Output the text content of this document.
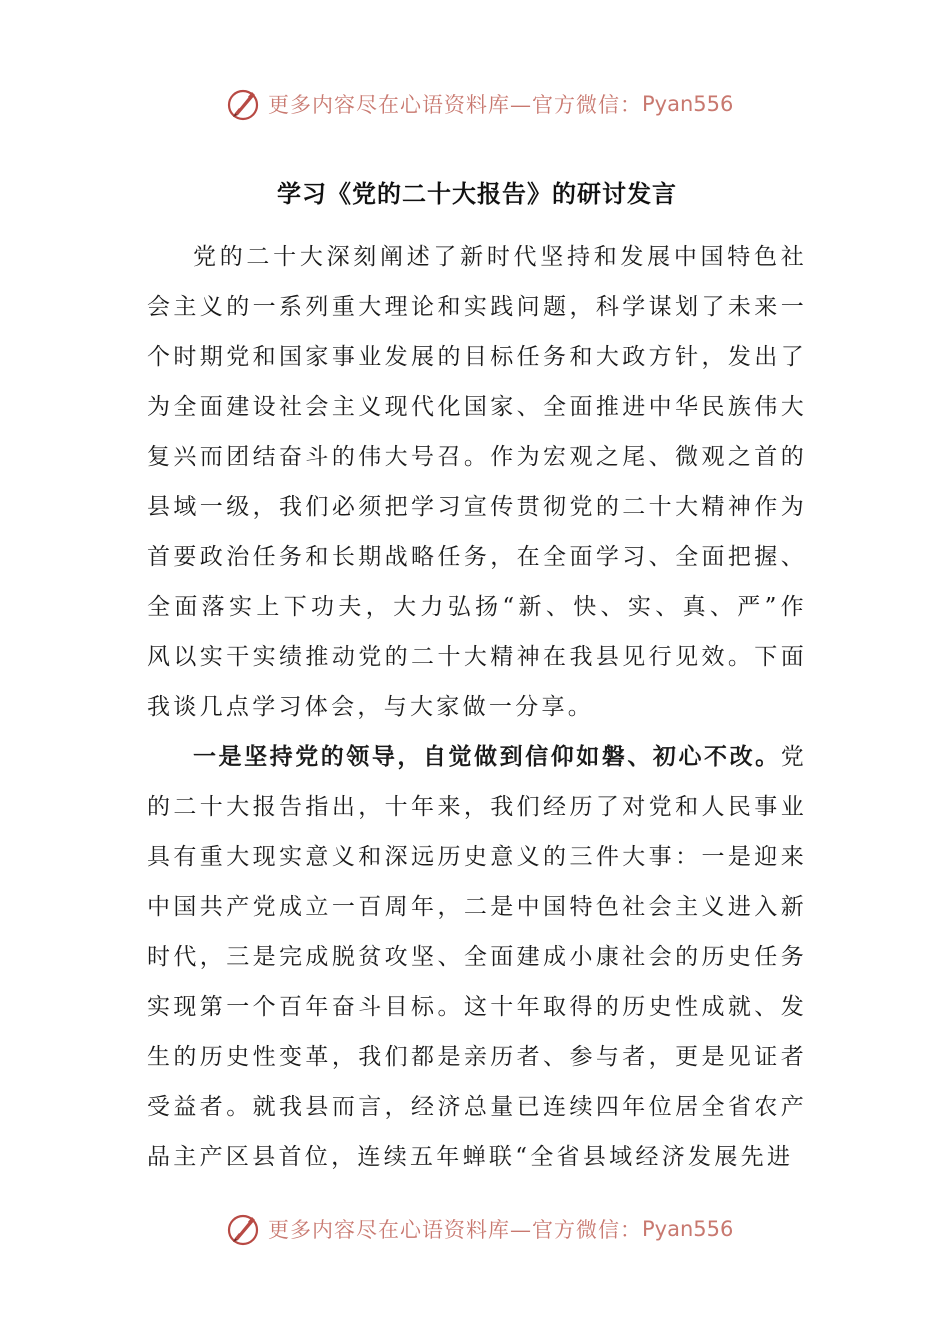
更多内容尽在心语资料库—官方微信： Pyan556
学习《党的二十大报告》的研讨发言

党的二十大深刻阐述了新时代坚持和发展中国特色社会主义的一系列重大理论和实践问题，科学谋划了未来一个时期党和国家事业发展的目标任务和大政方针，发出了为全面建设社会主义现代化国家、全面推进中华民族伟大复兴而团结奋斗的伟大号召。作为宏观之尾、微观之首的县域一级，我们必须把学习宣传贯彻党的二十大精神作为首要政治任务和长期战略任务，在全面学习、全面把握、全面落实上下功夫，大力弘扬“新、快、实、真、严”作风以实干实绩推动党的二十大精神在我县见行见效。下面我谈几点学习体会，与大家做一分享。

一是坚持党的领导，自觉做到信仰如磐、初心不改。党的二十大报告指出，十年来，我们经历了对党和人民事业具有重大现实意义和深远历史意义的三件大事：一是迎来中国共产党成立一百周年，二是中国特色社会主义进入新时代，三是完成脱贫攻坚、全面建成小康社会的历史任务实现第一个百年奋斗目标。这十年取得的历史性成就、发生的历史性变革，我们都是亲历者、参与者，更是见证者受益者。就我县而言，经济总量已连续四年位居全省农产品主产区县首位，连续五年蝉联“全省县域经济发展先进

更多内容尽在心语资料库—官方微信： Pyan556
